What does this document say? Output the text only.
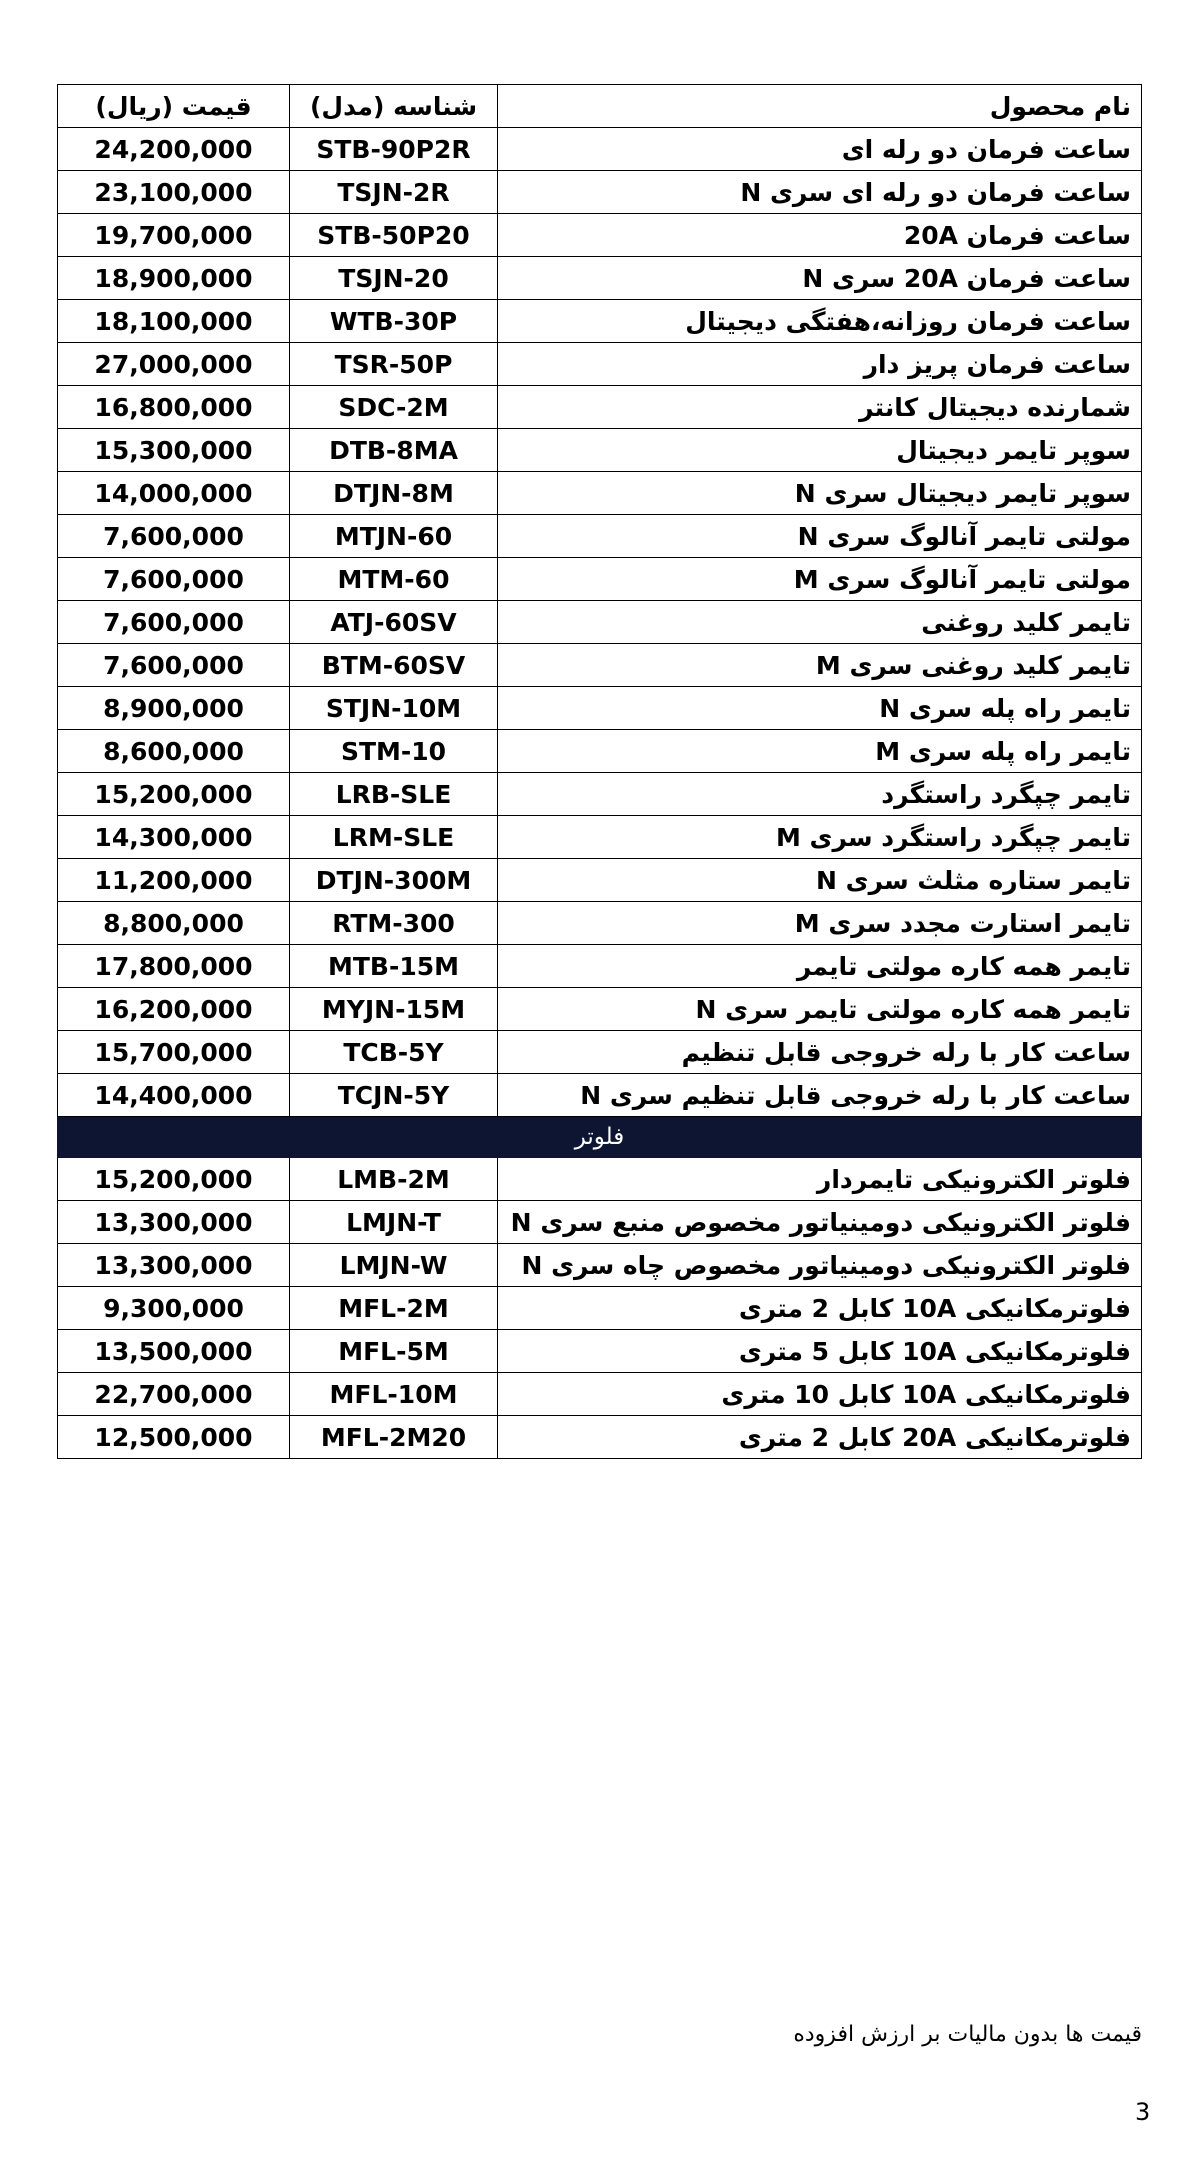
نام محصول	شناسه (مدل)	قیمت (ریال)
ساعت فرمان دو رله ای	STB-90P2R	24,200,000
ساعت فرمان دو رله ای سری N	TSJN-2R	23,100,000
ساعت فرمان 20A	STB-50P20	19,700,000
ساعت فرمان 20A سری N	TSJN-20	18,900,000
ساعت فرمان روزانه،هفتگی دیجیتال	WTB-30P	18,100,000
ساعت فرمان پریز دار	TSR-50P	27,000,000
شمارنده دیجیتال کانتر	SDC-2M	16,800,000
سوپر تایمر دیجیتال	DTB-8MA	15,300,000
سوپر تایمر دیجیتال سری N	DTJN-8M	14,000,000
مولتی تایمر آنالوگ سری N	MTJN-60	7,600,000
مولتی تایمر آنالوگ سری M	MTM-60	7,600,000
تایمر کلید روغنی	ATJ-60SV	7,600,000
تایمر کلید روغنی سری M	BTM-60SV	7,600,000
تایمر راه پله سری N	STJN-10M	8,900,000
تایمر راه پله سری M	STM-10	8,600,000
تایمر چپگرد راستگرد	LRB-SLE	15,200,000
تایمر چپگرد راستگرد سری M	LRM-SLE	14,300,000
تایمر ستاره مثلث سری N	DTJN-300M	11,200,000
تایمر استارت مجدد سری M	RTM-300	8,800,000
تایمر همه کاره مولتی تایمر	MTB-15M	17,800,000
تایمر همه کاره مولتی تایمر سری N	MYJN-15M	16,200,000
ساعت کار با رله خروجی قابل تنظیم	TCB-5Y	15,700,000
ساعت کار با رله خروجی قابل تنظیم سری N	TCJN-5Y	14,400,000
فلوتر		
فلوتر الکترونیکی تایمردار	LMB-2M	15,200,000
فلوتر الکترونیکی دومینیاتور مخصوص منبع سری N	LMJN-T	13,300,000
فلوتر الکترونیکی دومینیاتور مخصوص چاه سری N	LMJN-W	13,300,000
فلوترمکانیکی 10A کابل 2 متری	MFL-2M	9,300,000
فلوترمکانیکی 10A کابل 5 متری	MFL-5M	13,500,000
فلوترمکانیکی 10A کابل 10 متری	MFL-10M	22,700,000
فلوترمکانیکی 20A کابل 2 متری	MFL-2M20	12,500,000
قیمت ها بدون مالیات بر ارزش افزوده
3
